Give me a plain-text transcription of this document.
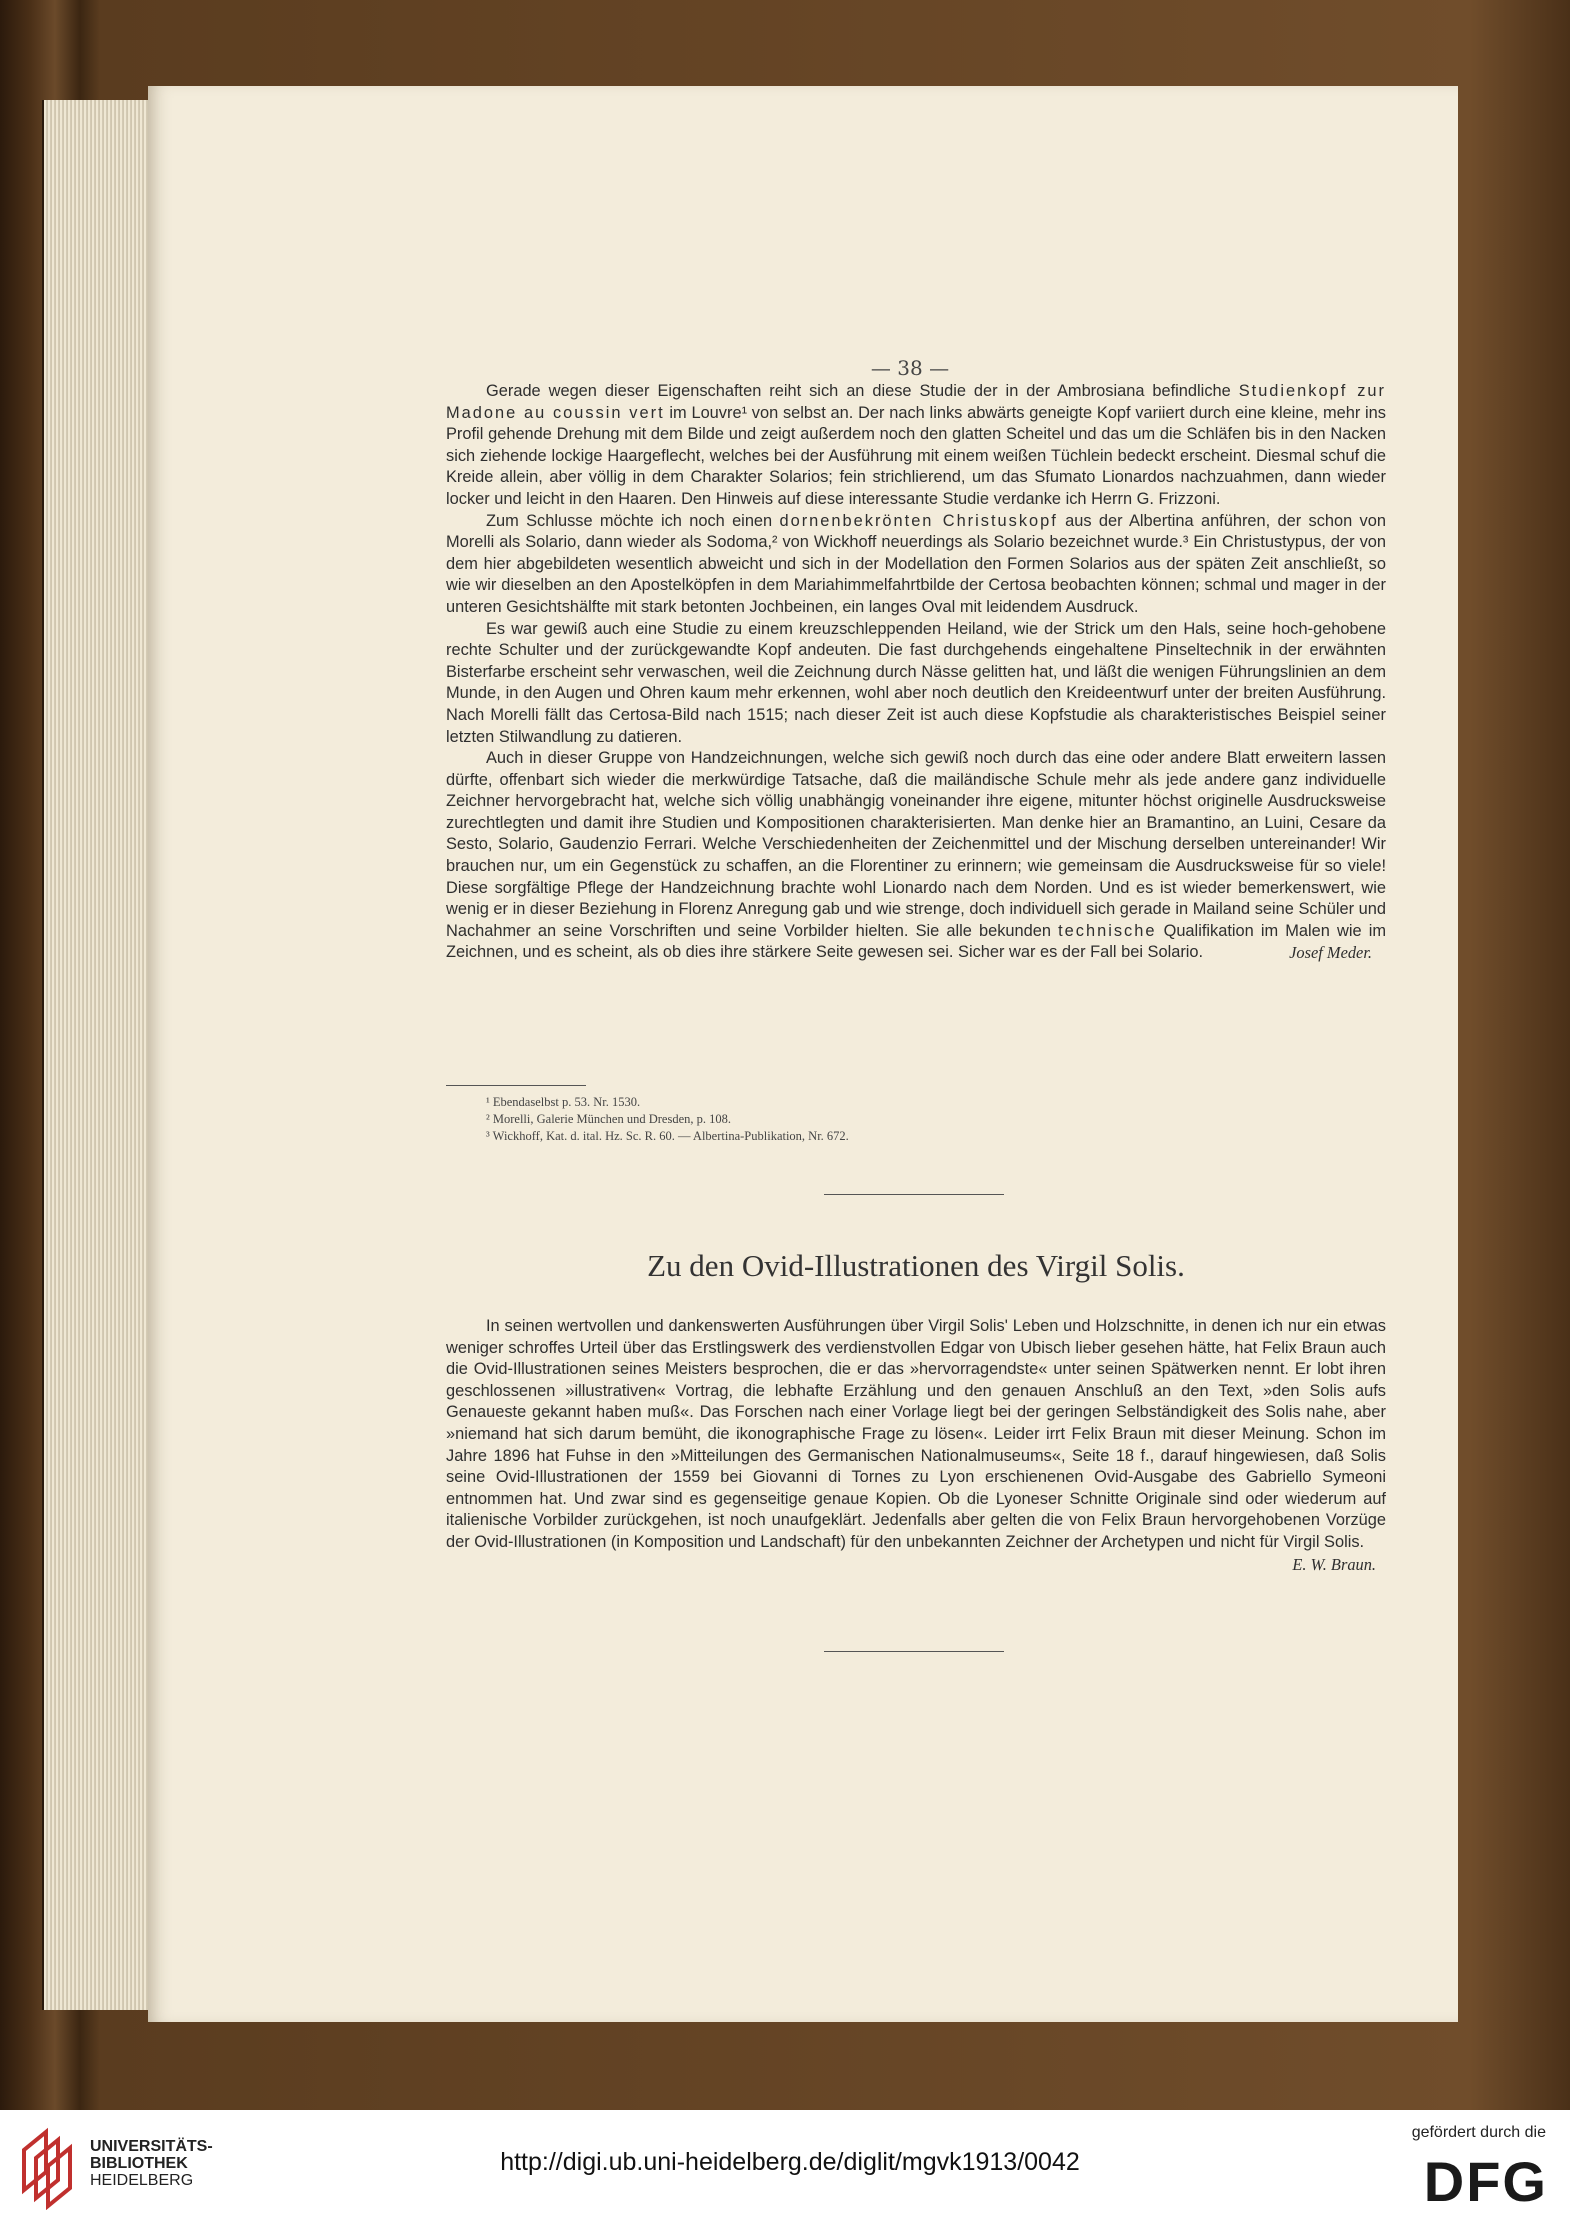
— 38 —

Gerade wegen dieser Eigenschaften reiht sich an diese Studie der in der Ambrosiana befindliche Studienkopf zur Madone au coussin vert im Louvre¹ von selbst an. Der nach links abwärts geneigte Kopf variiert durch eine kleine, mehr ins Profil gehende Drehung mit dem Bilde und zeigt außerdem noch den glatten Scheitel und das um die Schläfen bis in den Nacken sich ziehende lockige Haargeflecht, welches bei der Ausführung mit einem weißen Tüchlein bedeckt erscheint. Diesmal schuf die Kreide allein, aber völlig in dem Charakter Solarios; fein strichlierend, um das Sfumato Lionardos nachzuahmen, dann wieder locker und leicht in den Haaren. Den Hinweis auf diese interessante Studie verdanke ich Herrn G. Frizzoni.

Zum Schlusse möchte ich noch einen dornenbekrönten Christuskopf aus der Albertina anführen, der schon von Morelli als Solario, dann wieder als Sodoma,² von Wickhoff neuerdings als Solario bezeichnet wurde.³ Ein Christustypus, der von dem hier abgebildeten wesentlich abweicht und sich in der Modellation den Formen Solarios aus der späten Zeit anschließt, so wie wir dieselben an den Apostelköpfen in dem Mariahimmelfahrtbilde der Certosa beobachten können; schmal und mager in der unteren Gesichtshälfte mit stark betonten Jochbeinen, ein langes Oval mit leidendem Ausdruck.

Es war gewiß auch eine Studie zu einem kreuzschleppenden Heiland, wie der Strick um den Hals, seine hoch-gehobene rechte Schulter und der zurückgewandte Kopf andeuten. Die fast durchgehends eingehaltene Pinseltechnik in der erwähnten Bisterfarbe erscheint sehr verwaschen, weil die Zeichnung durch Nässe gelitten hat, und läßt die wenigen Führungslinien an dem Munde, in den Augen und Ohren kaum mehr erkennen, wohl aber noch deutlich den Kreideentwurf unter der breiten Ausführung. Nach Morelli fällt das Certosa-Bild nach 1515; nach dieser Zeit ist auch diese Kopfstudie als charakteristisches Beispiel seiner letzten Stilwandlung zu datieren.

Auch in dieser Gruppe von Handzeichnungen, welche sich gewiß noch durch das eine oder andere Blatt erweitern lassen dürfte, offenbart sich wieder die merkwürdige Tatsache, daß die mailändische Schule mehr als jede andere ganz individuelle Zeichner hervorgebracht hat, welche sich völlig unabhängig voneinander ihre eigene, mitunter höchst originelle Ausdrucksweise zurechtlegten und damit ihre Studien und Kompositionen charakterisierten. Man denke hier an Bramantino, an Luini, Cesare da Sesto, Solario, Gaudenzio Ferrari. Welche Verschiedenheiten der Zeichenmittel und der Mischung derselben untereinander! Wir brauchen nur, um ein Gegenstück zu schaffen, an die Florentiner zu erinnern; wie gemeinsam die Ausdrucksweise für so viele! Diese sorgfältige Pflege der Handzeichnung brachte wohl Lionardo nach dem Norden. Und es ist wieder bemerkenswert, wie wenig er in dieser Beziehung in Florenz Anregung gab und wie strenge, doch individuell sich gerade in Mailand seine Schüler und Nachahmer an seine Vorschriften und seine Vorbilder hielten. Sie alle bekunden technische Qualifikation im Malen wie im Zeichnen, und es scheint, als ob dies ihre stärkere Seite gewesen sei. Sicher war es der Fall bei Solario.	Josef Meder.

¹ Ebendaselbst p. 53. Nr. 1530.
² Morelli, Galerie München und Dresden, p. 108.
³ Wickhoff, Kat. d. ital. Hz. Sc. R. 60. — Albertina-Publikation, Nr. 672.
Zu den Ovid-Illustrationen des Virgil Solis.

In seinen wertvollen und dankenswerten Ausführungen über Virgil Solis' Leben und Holzschnitte, in denen ich nur ein etwas weniger schroffes Urteil über das Erstlingswerk des verdienstvollen Edgar von Ubisch lieber gesehen hätte, hat Felix Braun auch die Ovid-Illustrationen seines Meisters besprochen, die er das »hervorragendste« unter seinen Spätwerken nennt. Er lobt ihren geschlossenen »illustrativen« Vortrag, die lebhafte Erzählung und den genauen Anschluß an den Text, »den Solis aufs Genaueste gekannt haben muß«. Das Forschen nach einer Vorlage liegt bei der geringen Selbständigkeit des Solis nahe, aber »niemand hat sich darum bemüht, die ikonographische Frage zu lösen«. Leider irrt Felix Braun mit dieser Meinung. Schon im Jahre 1896 hat Fuhse in den »Mitteilungen des Germanischen Nationalmuseums«, Seite 18 f., darauf hingewiesen, daß Solis seine Ovid-Illustrationen der 1559 bei Giovanni di Tornes zu Lyon erschienenen Ovid-Ausgabe des Gabriello Symeoni entnommen hat. Und zwar sind es gegenseitige genaue Kopien. Ob die Lyoneser Schnitte Originale sind oder wiederum auf italienische Vorbilder zurückgehen, ist noch unaufgeklärt. Jedenfalls aber gelten die von Felix Braun hervorgehobenen Vorzüge der Ovid-Illustrationen (in Komposition und Landschaft) für den unbekannten Zeichner der Archetypen und nicht für Virgil Solis.

E. W. Braun.
UNIVERSITÄTS-
BIBLIOTHEK
HEIDELBERG
http://digi.ub.uni-heidelberg.de/diglit/mgvk1913/0042
gefördert durch die
DFG
